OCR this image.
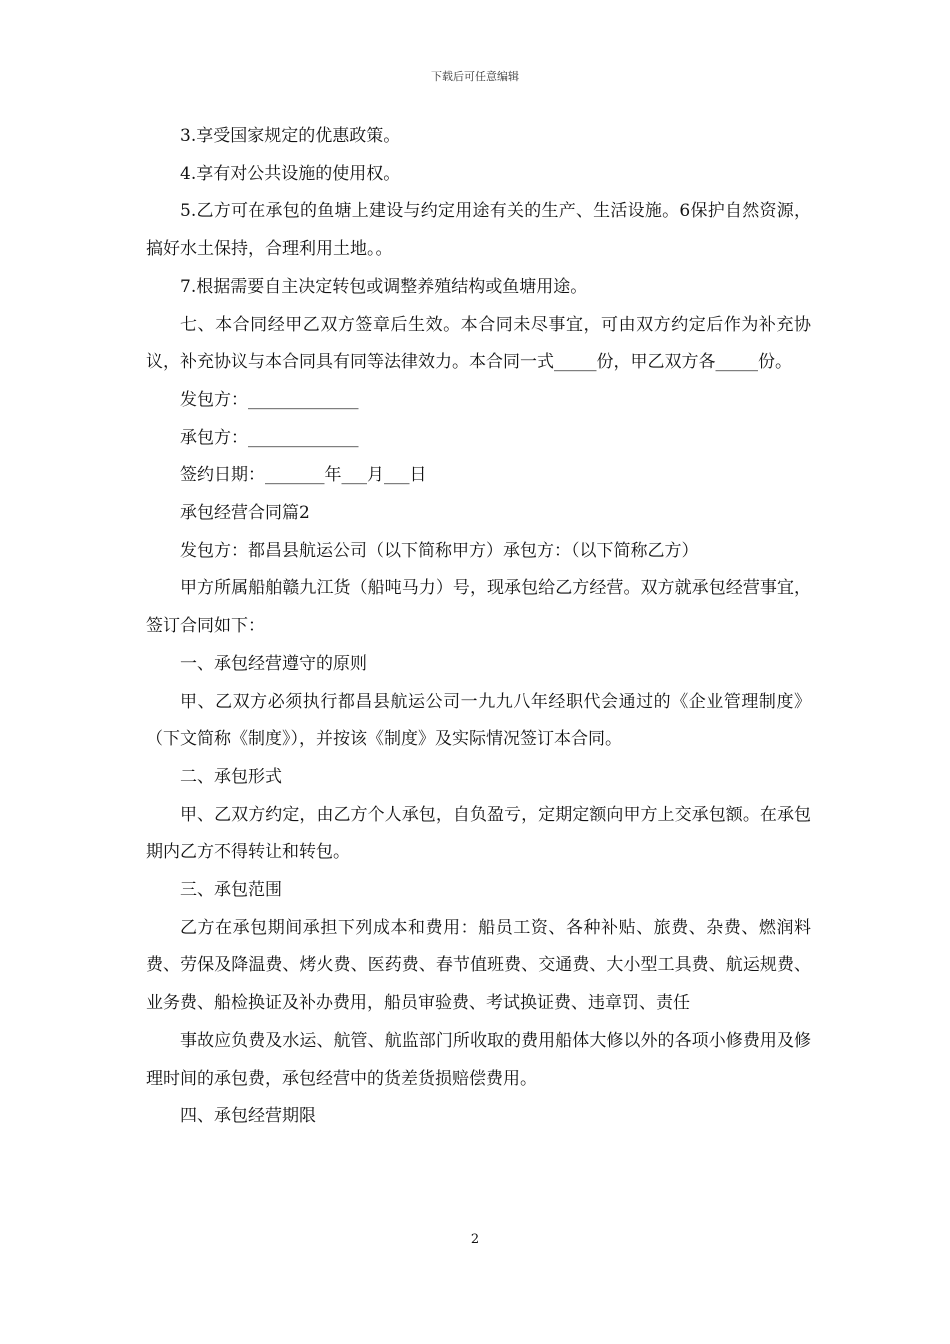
下载后可任意编辑

3.享受国家规定的优惠政策。

4.享有对公共设施的使用权。

5.乙方可在承包的鱼塘上建设与约定用途有关的生产、生活设施。6保护自然资源，搞好水土保持，合理利用土地。。

7.根据需要自主决定转包或调整养殖结构或鱼塘用途。

七、本合同经甲乙双方签章后生效。本合同未尽事宜，可由双方约定后作为补充协议，补充协议与本合同具有同等法律效力。本合同一式_____份，甲乙双方各_____份。

发包方：_____________

承包方：_____________

签约日期：_______年___月___日

承包经营合同篇2

发包方：都昌县航运公司（以下简称甲方）承包方：（以下简称乙方）

甲方所属船舶赣九江货（船吨马力）号，现承包给乙方经营。双方就承包经营事宜，签订合同如下：

一、承包经营遵守的原则

甲、乙双方必须执行都昌县航运公司一九九八年经职代会通过的《企业管理制度》（下文简称《制度》），并按该《制度》及实际情况签订本合同。

二、承包形式

甲、乙双方约定，由乙方个人承包，自负盈亏，定期定额向甲方上交承包额。在承包期内乙方不得转让和转包。

三、承包范围

乙方在承包期间承担下列成本和费用：船员工资、各种补贴、旅费、杂费、燃润料费、劳保及降温费、烤火费、医药费、春节值班费、交通费、大小型工具费、航运规费、业务费、船检换证及补办费用，船员审验费、考试换证费、违章罚、责任

事故应负费及水运、航管、航监部门所收取的费用船体大修以外的各项小修费用及修理时间的承包费，承包经营中的货差货损赔偿费用。

四、承包经营期限

2
